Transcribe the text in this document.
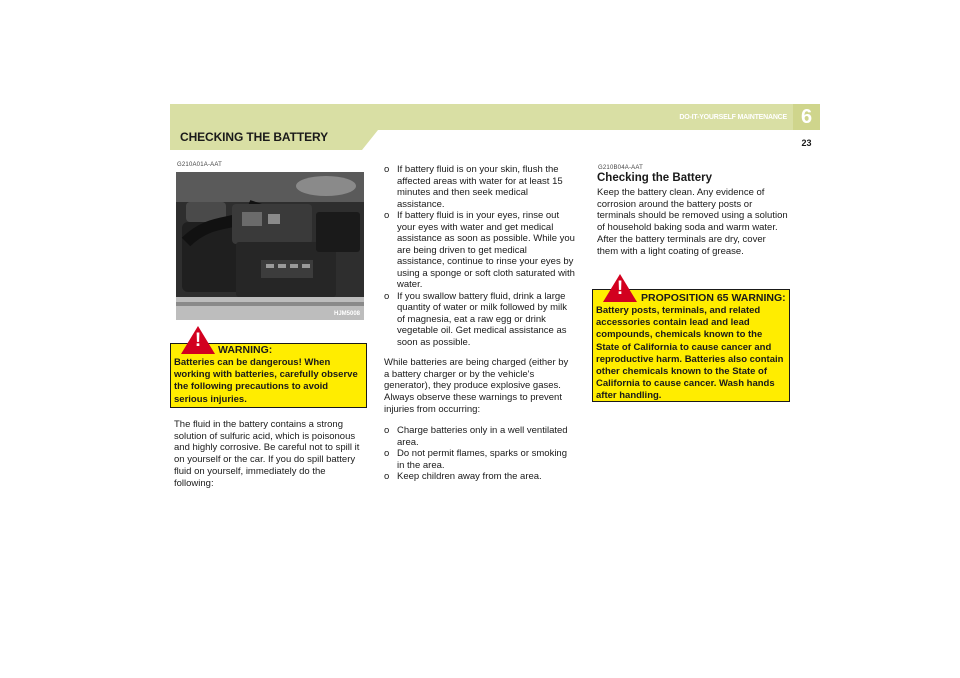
CHECKING THE BATTERY
DO-IT-YOURSELF MAINTENANCE 6
23
G210A01A-AAT
HJM5008
!	WARNING:
Batteries can be dangerous! When working with batteries, carefully observe the following precautions to avoid serious injuries.
The fluid in the battery contains a strong solution of sulfuric acid, which is poisonous and highly corrosive. Be careful not to spill it on yourself or the car. If you do spill battery fluid on yourself, immediately do the following:
o If battery fluid is on your skin, flush the affected areas with water for at least 15 minutes and then seek medical assistance.
o If battery fluid is in your eyes, rinse out your eyes with water and get medical assistance as soon as possible. While you are being driven to get medical assistance, continue to rinse your eyes by using a sponge or soft cloth saturated with water.
o If you swallow battery fluid, drink a large quantity of water or milk followed by milk of magnesia, eat a raw egg or drink vegetable oil. Get medical assistance as soon as possible.
While batteries are being charged (either by a battery charger or by the vehicle's generator), they produce explosive gases. Always observe these warnings to prevent injuries from occurring:
o Charge batteries only in a well ventilated area.
o Do not permit flames, sparks or smoking in the area.
o Keep children away from the area.
G210B04A-AAT
Checking the Battery
Keep the battery clean. Any evidence of corrosion around the battery posts or terminals should be removed using a solution of household baking soda and warm water. After the battery terminals are dry, cover them with a light coating of grease.
!	PROPOSITION 65 WARNING:
Battery posts, terminals, and related accessories contain lead and lead compounds, chemicals known to the State of California to cause cancer and reproductive harm. Batteries also contain other chemicals known to the State of California to cause cancer. Wash hands after handling.
